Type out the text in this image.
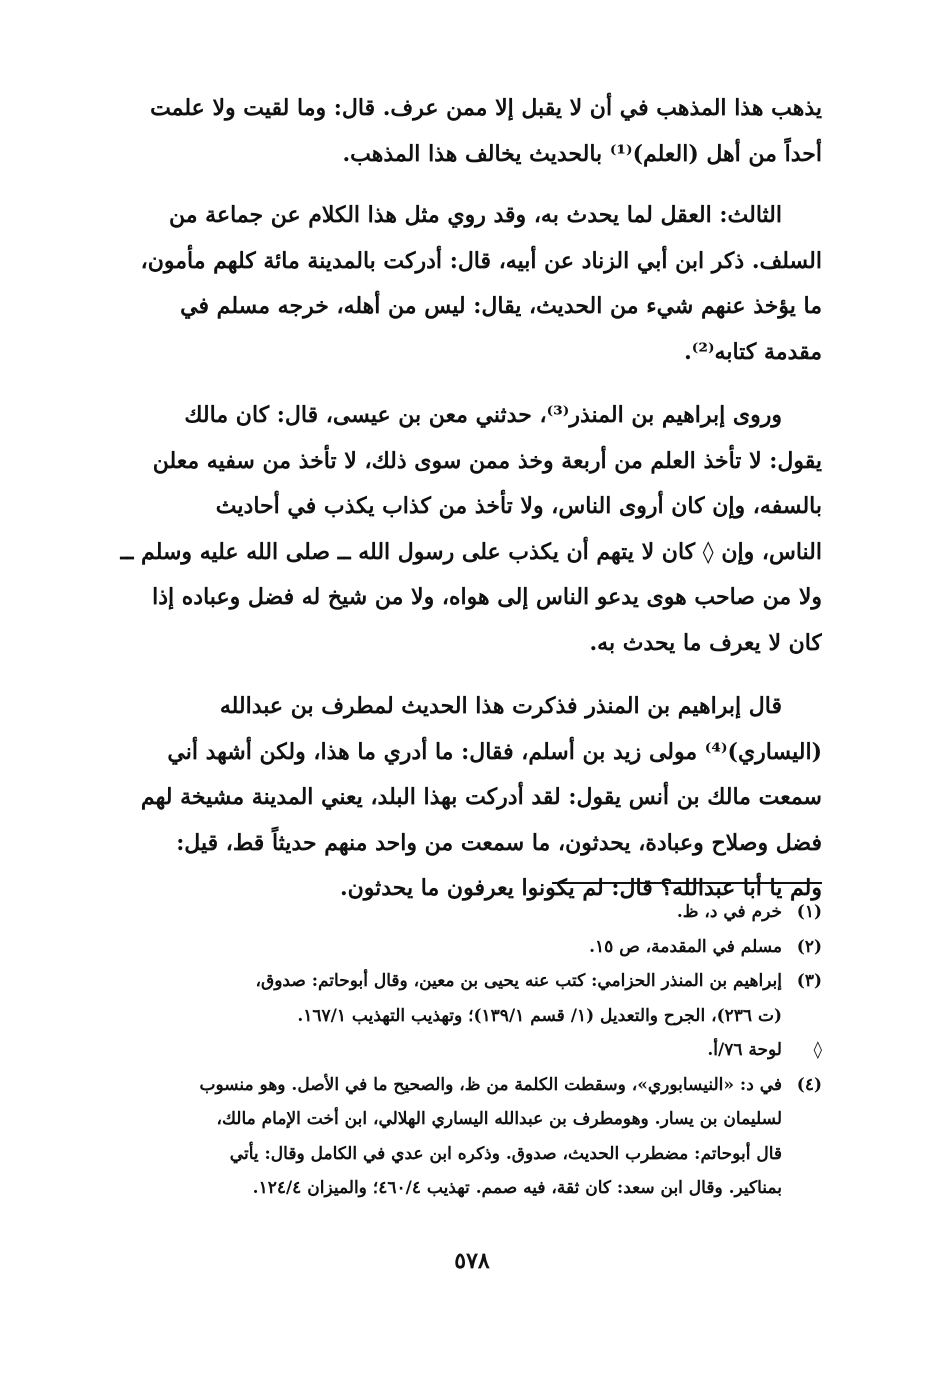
يذهب هذا المذهب في أن لا يقبل إلا ممن عرف. قال: وما لقيت ولا علمت
أحداً من أهل (العلم)⁽¹⁾ بالحديث يخالف هذا المذهب.

الثالث: العقل لما يحدث به، وقد روي مثل هذا الكلام عن جماعة من
السلف. ذكر ابن أبي الزناد عن أبيه، قال: أدركت بالمدينة مائة كلهم مأمون،
ما يؤخذ عنهم شيء من الحديث، يقال: ليس من أهله، خرجه مسلم في
مقدمة كتابه⁽²⁾.

وروى إبراهيم بن المنذر⁽³⁾، حدثني معن بن عيسى، قال: كان مالك
يقول: لا تأخذ العلم من أربعة وخذ ممن سوى ذلك، لا تأخذ من سفيه معلن
بالسفه، وإن كان أروى الناس، ولا تأخذ من كذاب يكذب في أحاديث
الناس، وإن ◊ كان لا يتهم أن يكذب على رسول الله ــ صلى الله عليه وسلم ــ
ولا من صاحب هوى يدعو الناس إلى هواه، ولا من شيخ له فضل وعباده إذا
كان لا يعرف ما يحدث به.

قال إبراهيم بن المنذر فذكرت هذا الحديث لمطرف بن عبدالله
(اليساري)⁽⁴⁾ مولى زيد بن أسلم، فقال: ما أدري ما هذا، ولكن أشهد أني
سمعت مالك بن أنس يقول: لقد أدركت بهذا البلد، يعني المدينة مشيخة لهم
فضل وصلاح وعبادة، يحدثون، ما سمعت من واحد منهم حديثاً قط، قيل:
ولم يا أبا عبدالله؟ قال: لم يكونوا يعرفون ما يحدثون.

(١)
خرم في د، ظ.
(٢)
مسلم في المقدمة، ص ١٥.
(٣)
إبراهيم بن المنذر الحزامي: كتب عنه يحيى بن معين، وقال أبوحاتم: صدوق،
(ت ٢٣٦)، الجرح والتعديل (١/ قسم ١٣٩/١)؛ وتهذيب التهذيب ١٦٧/١.
◊
لوحة ٧٦/أ.
(٤)
في د: «النيسابوري»، وسقطت الكلمة من ظ، والصحيح ما في الأصل. وهو منسوب
لسليمان بن يسار. وهومطرف بن عبدالله اليساري الهلالي، ابن أخت الإمام مالك،
قال أبوحاتم: مضطرب الحديث، صدوق. وذكره ابن عدي في الكامل وقال: يأتي
بمناكير. وقال ابن سعد: كان ثقة، فيه صمم. تهذيب ٤٦٠/٤؛ والميزان ١٢٤/٤.
٥٧٨
